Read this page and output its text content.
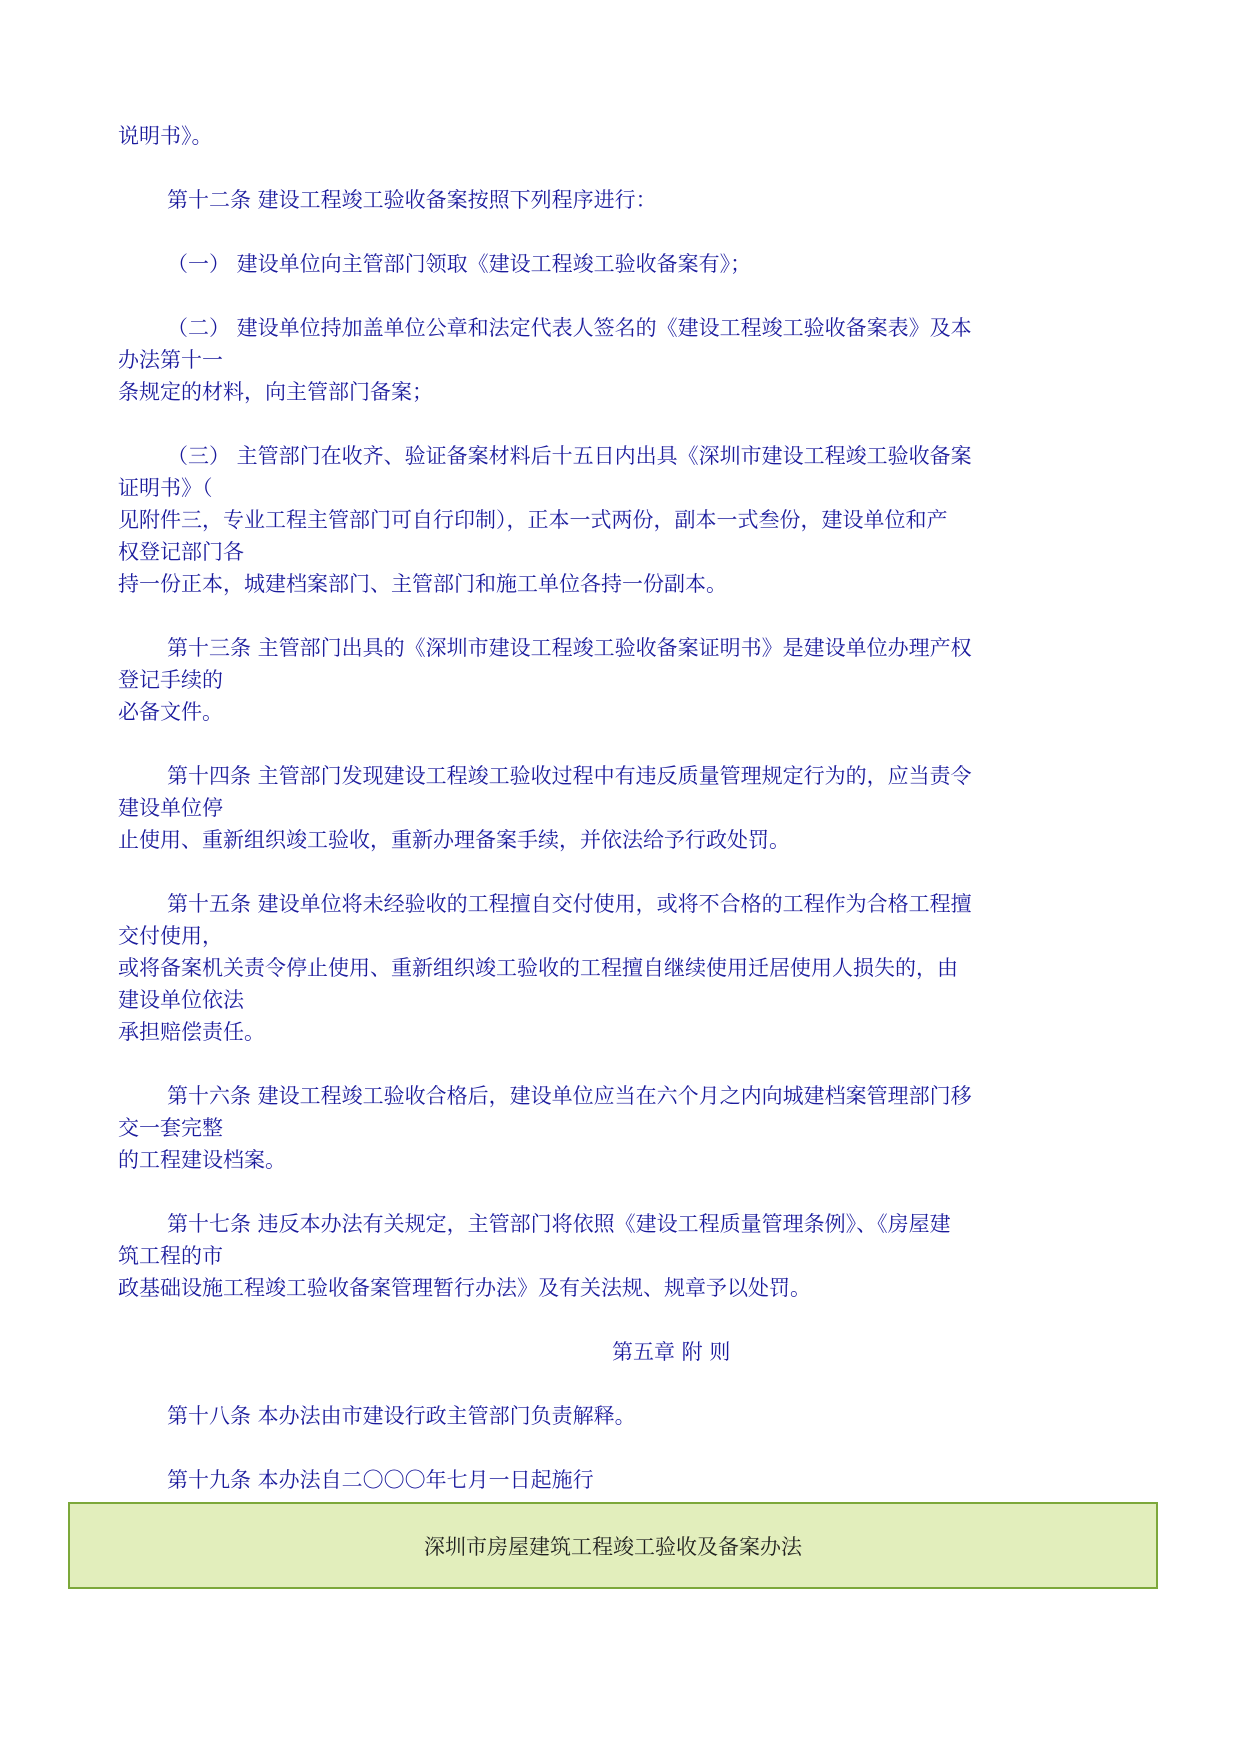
说明书》。

第十二条 建设工程竣工验收备案按照下列程序进行：

（一） 建设单位向主管部门领取《建设工程竣工验收备案有》；

（二） 建设单位持加盖单位公章和法定代表人签名的《建设工程竣工验收备案表》及本

办法第十一

条规定的材料，向主管部门备案；

（三） 主管部门在收齐、验证备案材料后十五日内出具《深圳市建设工程竣工验收备案

证明书》（

见附件三，专业工程主管部门可自行印制），正本一式两份，副本一式叁份，建设单位和产

权登记部门各

持一份正本，城建档案部门、主管部门和施工单位各持一份副本。

第十三条 主管部门出具的《深圳市建设工程竣工验收备案证明书》是建设单位办理产权

登记手续的

必备文件。

第十四条 主管部门发现建设工程竣工验收过程中有违反质量管理规定行为的，应当责令

建设单位停

止使用、重新组织竣工验收，重新办理备案手续，并依法给予行政处罚。

第十五条 建设单位将未经验收的工程擅自交付使用，或将不合格的工程作为合格工程擅

交付使用，

或将备案机关责令停止使用、重新组织竣工验收的工程擅自继续使用迁居使用人损失的，由

建设单位依法

承担赔偿责任。

第十六条 建设工程竣工验收合格后，建设单位应当在六个月之内向城建档案管理部门移

交一套完整

的工程建设档案。

第十七条 违反本办法有关规定，主管部门将依照《建设工程质量管理条例》、《房屋建

筑工程的市

政基础设施工程竣工验收备案管理暂行办法》及有关法规、规章予以处罚。

第五章 附 则

第十八条 本办法由市建设行政主管部门负责解释。

第十九条 本办法自二〇〇〇年七月一日起施行

深圳市房屋建筑工程竣工验收及备案办法
